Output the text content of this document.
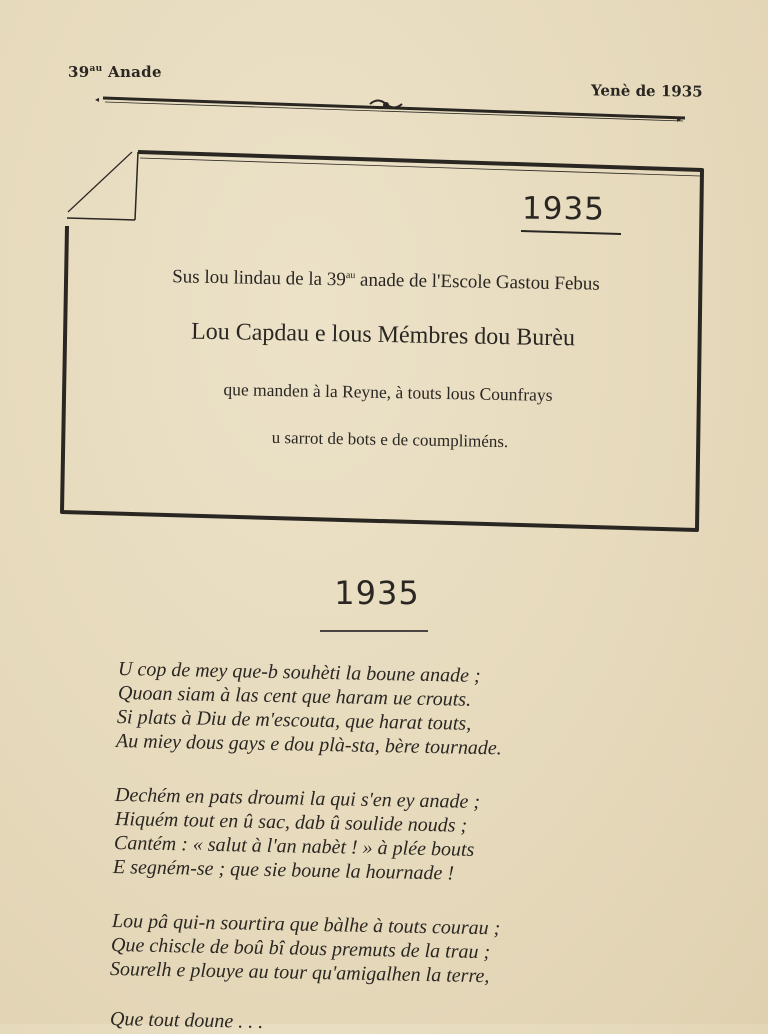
$39^{au}$ Anade
Yenè de 1935
◂
▸
1935
Sus lou lindau de la $39^{au}$ anade de l'Escole Gastou Febus
Lou Capdau e lous Mémbres dou Burèu
que manden à la Reyne, à touts lous Counfrays
u sarrot de bots e de coumpliméns.
1935
U cop de mey que-b souhèti la boune anade ;
Quoan siam à las cent que haram ue crouts.
Si plats à Diu de m'escouta, que harat touts,
Au miey dous gays e dou plà-sta, bère tournade.
Dechém en pats droumi la qui s'en ey anade ;
Hiquém tout en û sac, dab û soulide nouds ;
Cantém : « salut à l'an nabèt ! » à plée bouts
E segném-se ; que sie boune la hournade !
Lou pâ qui-n sourtira que bàlhe à touts courau ;
Que chiscle de boû bî dous premuts de la trau ;
Sourelh e plouye au tour qu'amigalhen la terre,
Que tout doune . . .
